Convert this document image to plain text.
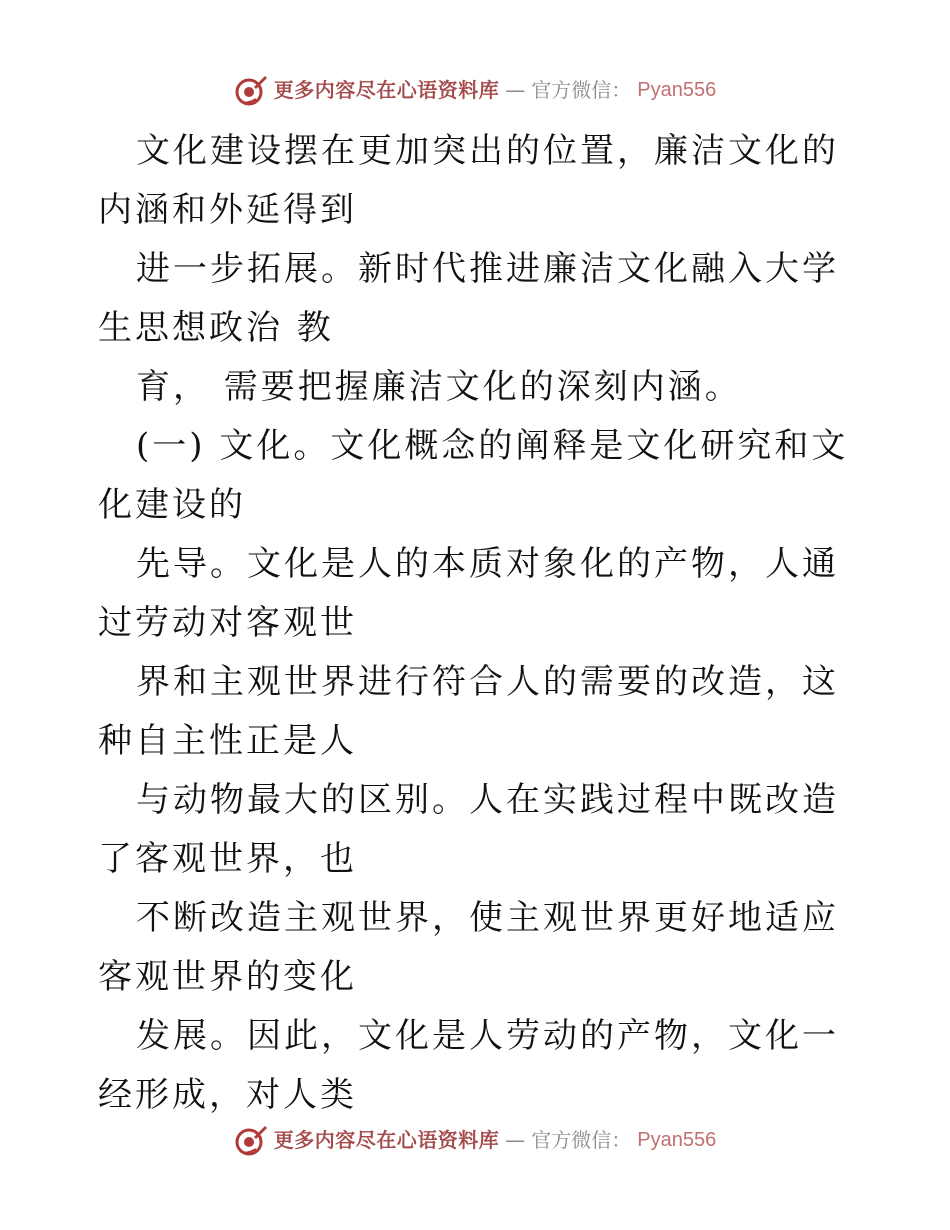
更多内容尽在心语资料库 — 官方微信： Pyan556

文化建设摆在更加突出的位置，廉洁文化的内涵和外延得到

进一步拓展。新时代推进廉洁文化融入大学生思想政治 教

育， 需要把握廉洁文化的深刻内涵。

(一) 文化。文化概念的阐释是文化研究和文化建设的

先导。文化是人的本质对象化的产物，人通过劳动对客观世

界和主观世界进行符合人的需要的改造，这种自主性正是人

与动物最大的区别。人在实践过程中既改造了客观世界，也

不断改造主观世界，使主观世界更好地适应客观世界的变化

发展。因此，文化是人劳动的产物，文化一经形成，对人类

更多内容尽在心语资料库 — 官方微信： Pyan556
